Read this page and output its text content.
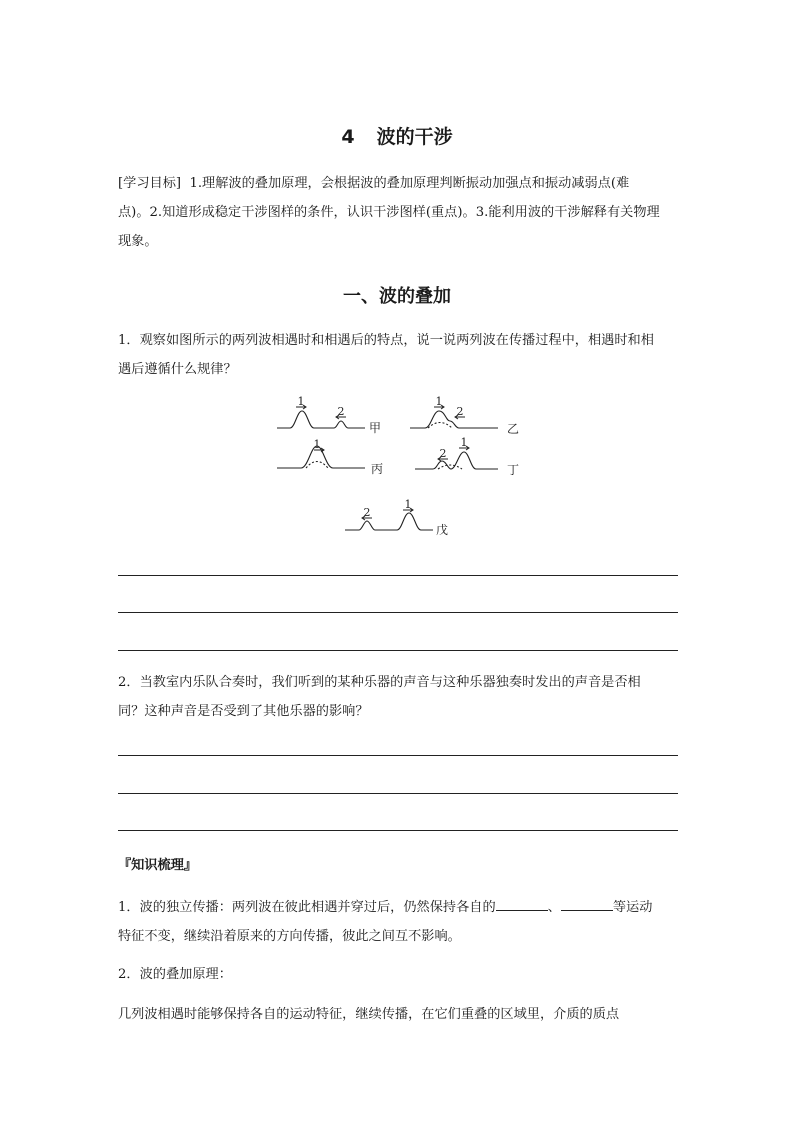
4 波的干涉
[学习目标] 1.理解波的叠加原理，会根据波的叠加原理判断振动加强点和振动减弱点(难
点)。2.知道形成稳定干涉图样的条件，认识干涉图样(重点)。3.能利用波的干涉解释有关物理
现象。
一、波的叠加
1．观察如图所示的两列波相遇时和相遇后的特点，说一说两列波在传播过程中，相遇时和相
遇后遵循什么规律？
1
2
1
2
1
2
1
2
1
甲	乙
丙	丁
戊
2．当教室内乐队合奏时，我们听到的某种乐器的声音与这种乐器独奏时发出的声音是否相
同？这种声音是否受到了其他乐器的影响？
『知识梳理』
1．波的独立传播：两列波在彼此相遇并穿过后，仍然保持各自的	、	等运动
特征不变，继续沿着原来的方向传播，彼此之间互不影响。
2．波的叠加原理：
几列波相遇时能够保持各自的运动特征，继续传播，在它们重叠的区域里，介质的质点
